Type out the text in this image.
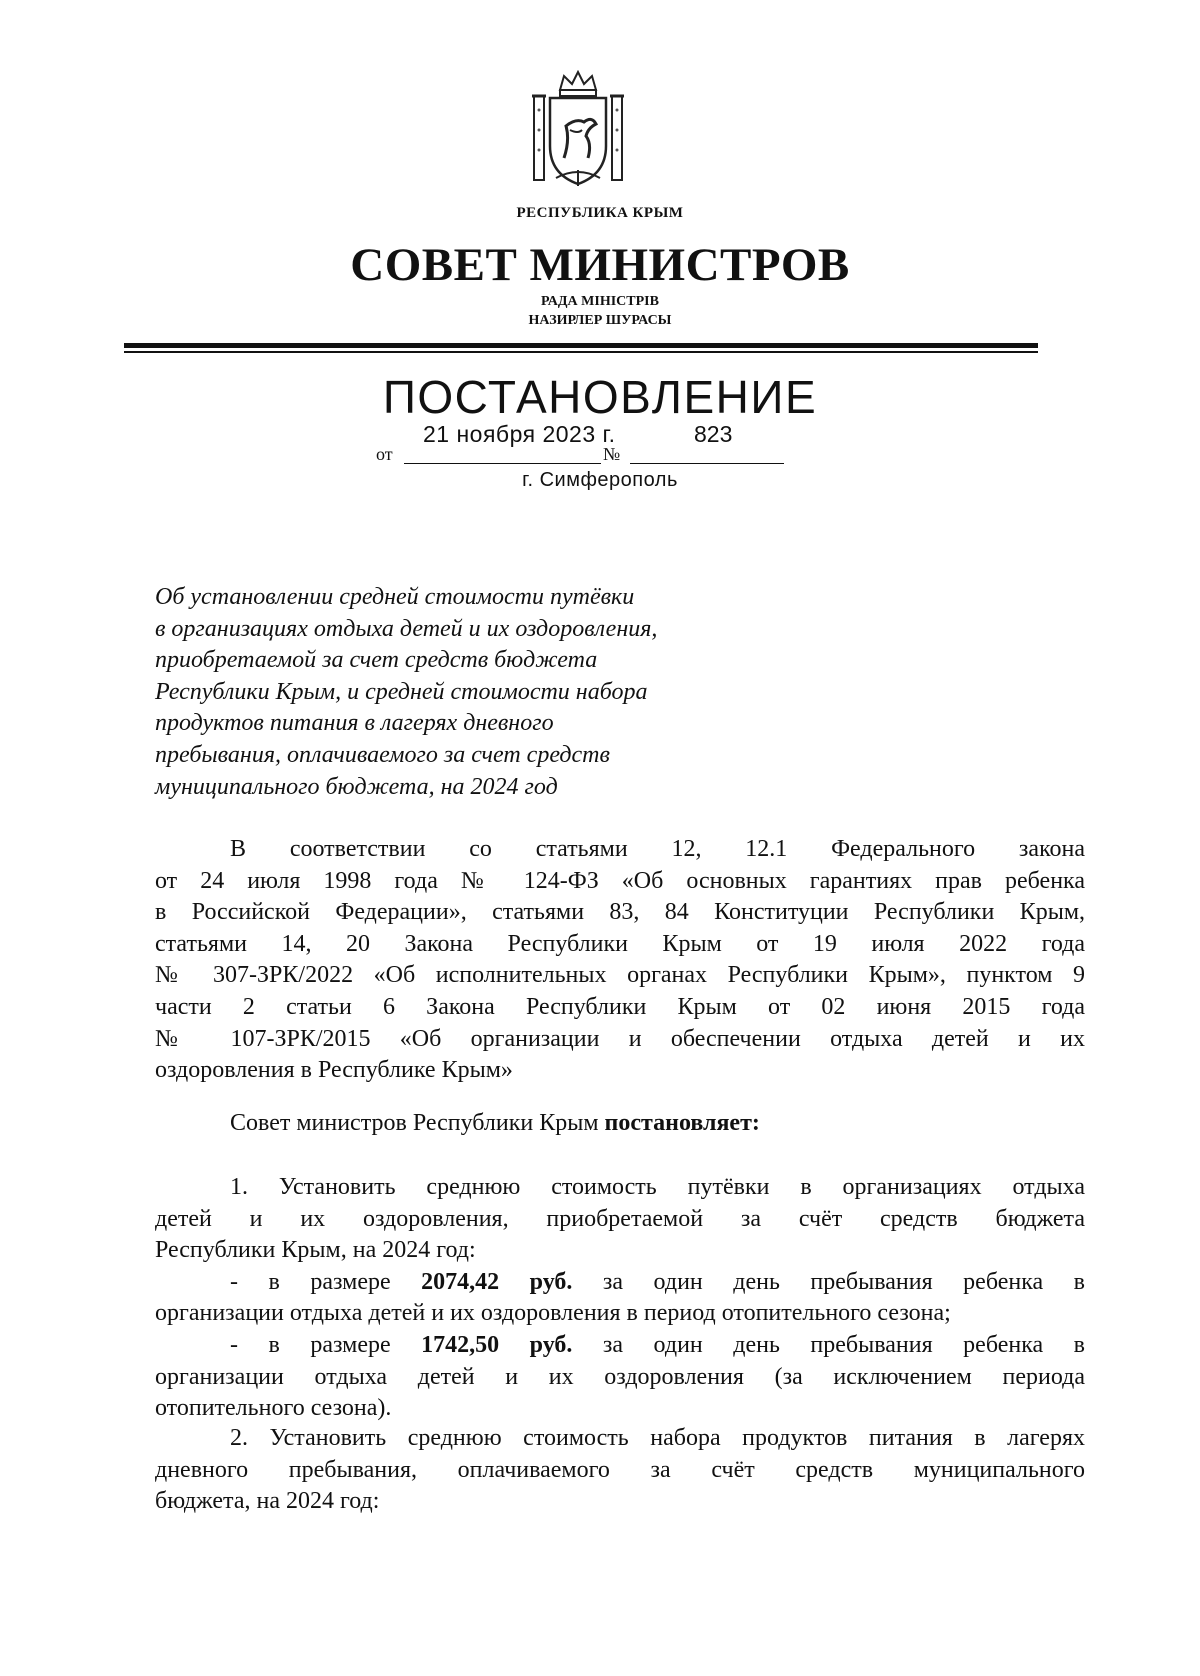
РЕСПУБЛИКА КРЫМ
СОВЕТ МИНИСТРОВ
РАДА МІНІСТРІВ
НАЗИРЛЕР ШУРАСЫ
ПОСТАНОВЛЕНИЕ
21 ноября 2023 г.	823
от	№
г. Симферополь
Об установлении средней стоимости путёвки
в организациях отдыха детей и их оздоровления,
приобретаемой за счет средств бюджета
Республики Крым, и средней стоимости набора
продуктов питания в лагерях дневного
пребывания, оплачиваемого за счет средств
муниципального бюджета, на 2024 год
В соответствии со статьями 12, 12.1 Федерального закона
от 24 июля 1998 года № 124-ФЗ «Об основных гарантиях прав ребенка
в Российской Федерации», статьями 83, 84 Конституции Республики Крым,
статьями 14, 20 Закона Республики Крым от 19 июля 2022 года
№ 307-ЗРК/2022 «Об исполнительных органах Республики Крым», пунктом 9
части 2 статьи 6 Закона Республики Крым от 02 июня 2015 года
№ 107-ЗРК/2015 «Об организации и обеспечении отдыха детей и их
оздоровления в Республике Крым»
Совет министров Республики Крым постановляет:
1. Установить среднюю стоимость путёвки в организациях отдыха
детей и их оздоровления, приобретаемой за счёт средств бюджета
Республики Крым, на 2024 год:
- в размере 2074,42 руб. за один день пребывания ребенка в
организации отдыха детей и их оздоровления в период отопительного сезона;
- в размере 1742,50 руб. за один день пребывания ребенка в
организации отдыха детей и их оздоровления (за исключением периода
отопительного сезона).
2. Установить среднюю стоимость набора продуктов питания в лагерях
дневного пребывания, оплачиваемого за счёт средств муниципального
бюджета, на 2024 год:
